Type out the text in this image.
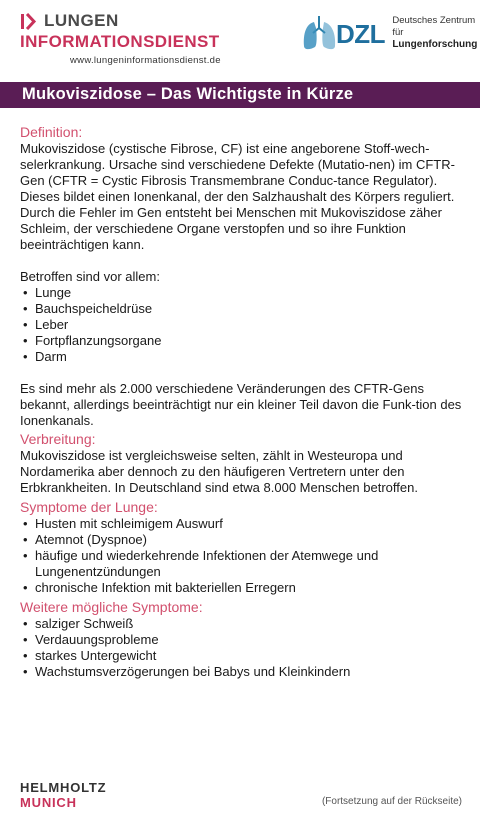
LUNGEN
INFORMATIONSDIENST
www.lungeninformationsdienst.de
DZL Deutsches Zentrum für
Lungenforschung
Mukoviszidose – Das Wichtigste in Kürze
Definition:

Mukoviszidose (cystische Fibrose, CF) ist eine angeborene Stoff-wech-selerkrankung. Ursache sind verschiedene Defekte (Mutatio-nen) im CFTR-Gen (CFTR = Cystic Fibrosis Transmembrane Conduc-tance Regulator). Dieses bildet einen Ionenkanal, der den Salzhaushalt des Körpers reguliert. Durch die Fehler im Gen entsteht bei Menschen mit Mukoviszidose zäher Schleim, der verschiedene Organe verstopfen und so ihre Funktion beeinträchtigen kann.

Betroffen sind vor allem:

• Lunge
• Bauchspeicheldrüse
• Leber
• Fortpflanzungsorgane
• Darm

Es sind mehr als 2.000 verschiedene Veränderungen des CFTR-Gens bekannt, allerdings beeinträchtigt nur ein kleiner Teil davon die Funk-tion des Ionenkanals.

Verbreitung:

Mukoviszidose ist vergleichsweise selten, zählt in Westeuropa und Nordamerika aber dennoch zu den häufigeren Vertretern unter den Erbkrankheiten. In Deutschland sind etwa 8.000 Menschen betroffen.

Symptome der Lunge:
• Husten mit schleimigem Auswurf
• Atemnot (Dyspnoe)
• häufige und wiederkehrende Infektionen der Atemwege und Lungenentzündungen
• chronische Infektion mit bakteriellen Erregern
Weitere mögliche Symptome:
• salziger Schweiß
• Verdauungsprobleme
• starkes Untergewicht
• Wachstumsverzögerungen bei Babys und Kleinkindern
HELMHOLTZ
MUNICH	(Fortsetzung auf der Rückseite)
